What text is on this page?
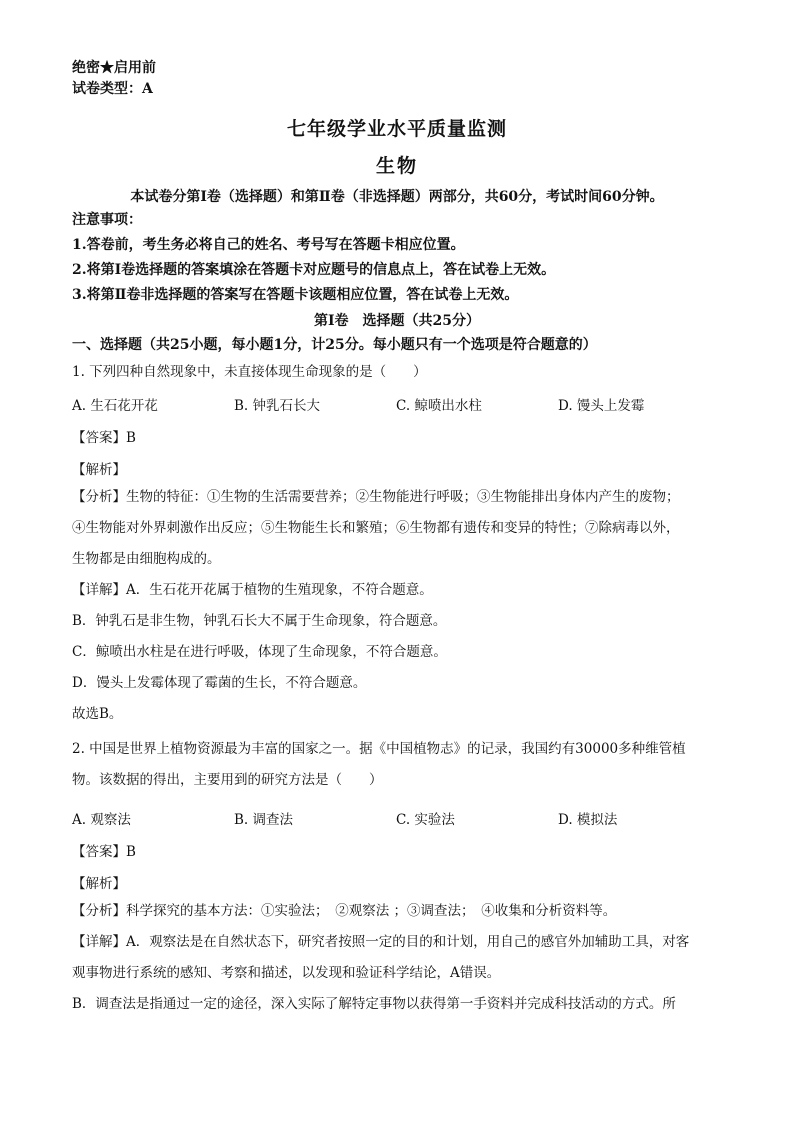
绝密★启用前
试卷类型：A
七年级学业水平质量监测
生物
本试卷分第Ⅰ卷（选择题）和第Ⅱ卷（非选择题）两部分，共60分，考试时间60分钟。
注意事项：
1.答卷前，考生务必将自己的姓名、考号写在答题卡相应位置。
2.将第Ⅰ卷选择题的答案填涂在答题卡对应题号的信息点上，答在试卷上无效。
3.将第Ⅱ卷非选择题的答案写在答题卡该题相应位置，答在试卷上无效。
第Ⅰ卷　选择题（共25分）
一、选择题（共25小题，每小题1分，计25分。每小题只有一个选项是符合题意的）
1. 下列四种自然现象中，未直接体现生命现象的是（　　）
A. 生石花开花	B. 钟乳石长大	C. 鲸喷出水柱	D. 馒头上发霉
【答案】B
【解析】
【分析】生物的特征：①生物的生活需要营养；②生物能进行呼吸；③生物能排出身体内产生的废物；
④生物能对外界刺激作出反应；⑤生物能生长和繁殖；⑥生物都有遗传和变异的特性；⑦除病毒以外，
生物都是由细胞构成的。
【详解】A．生石花开花属于植物的生殖现象，不符合题意。
B．钟乳石是非生物，钟乳石长大不属于生命现象，符合题意。
C．鲸喷出水柱是在进行呼吸，体现了生命现象，不符合题意。
D．馒头上发霉体现了霉菌的生长，不符合题意。
故选B。
2. 中国是世界上植物资源最为丰富的国家之一。据《中国植物志》的记录，我国约有30000多种维管植
物。该数据的得出，主要用到的研究方法是（　　）
A. 观察法	B. 调查法	C. 实验法	D. 模拟法
【答案】B
【解析】
【分析】科学探究的基本方法：①实验法；　②观察法 ；③调查法；　④收集和分析资料等。
【详解】A．观察法是在自然状态下，研究者按照一定的目的和计划，用自己的感官外加辅助工具，对客
观事物进行系统的感知、考察和描述，以发现和验证科学结论，A错误。
B．调查法是指通过一定的途径，深入实际了解特定事物以获得第一手资料并完成科技活动的方式。所
